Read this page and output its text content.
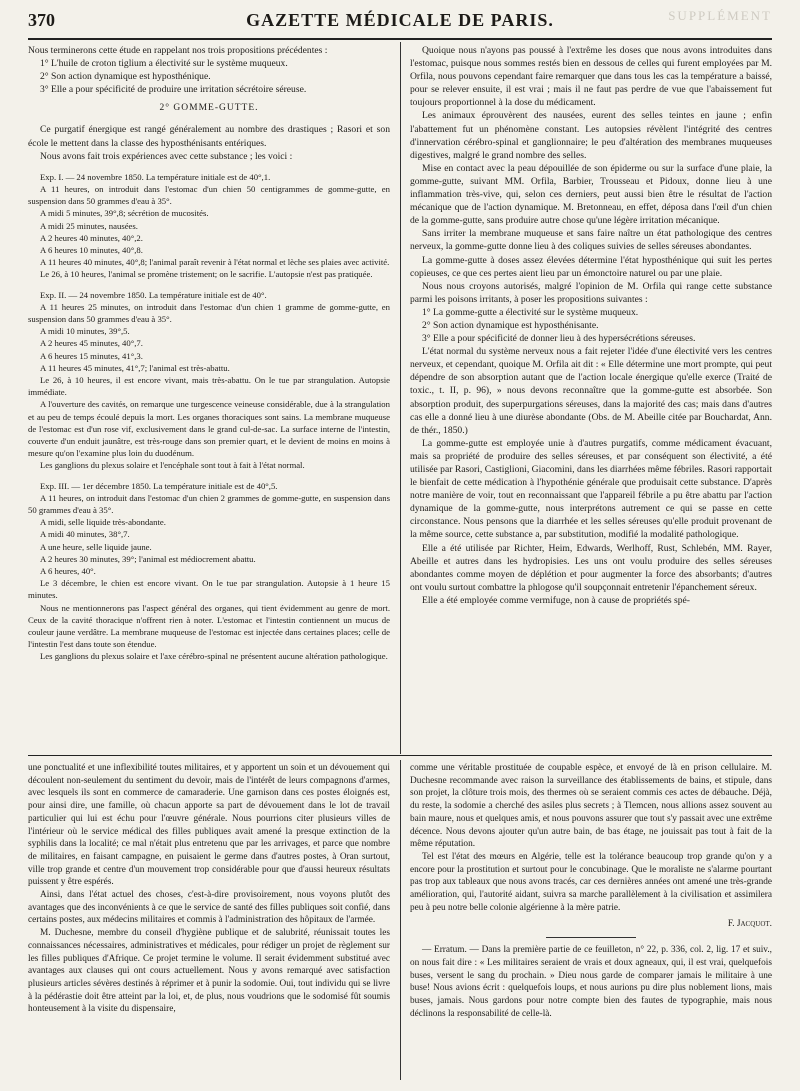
370	GAZETTE MÉDICALE DE PARIS.	SUPPLÉMENT

Nous terminerons cette étude en rappelant nos trois propositions précédentes :

1° L'huile de croton tiglium a électivité sur le système muqueux.

2° Son action dynamique est hyposthénique.

3° Elle a pour spécificité de produire une irritation sécrétoire séreuse.

2° GOMME-GUTTE.

Ce purgatif énergique est rangé généralement au nombre des drastiques ; Rasori et son école le mettent dans la classe des hyposthénisants entériques.

Nous avons fait trois expériences avec cette substance ; les voici :

Exp. I. — 24 novembre 1850. La température initiale est de 40°,1.

A 11 heures, on introduit dans l'estomac d'un chien 50 centigrammes de gomme-gutte, en suspension dans 50 grammes d'eau à 35°.

A midi 5 minutes, 39°,8; sécrétion de mucosités.

A midi 25 minutes, nausées.

A 2 heures 40 minutes, 40°,2.

A 6 heures 10 minutes, 40°,8.

A 11 heures 40 minutes, 40°,8; l'animal paraît revenir à l'état normal et lèche ses plaies avec activité.

Le 26, à 10 heures, l'animal se promène tristement; on le sacrifie. L'autopsie n'est pas pratiquée.

Exp. II. — 24 novembre 1850. La température initiale est de 40°.

A 11 heures 25 minutes, on introduit dans l'estomac d'un chien 1 gramme de gomme-gutte, en suspension dans 50 grammes d'eau à 35°.

A midi 10 minutes, 39°,5.

A 2 heures 45 minutes, 40°,7.

A 6 heures 15 minutes, 41°,3.

A 11 heures 45 minutes, 41°,7; l'animal est très-abattu.

Le 26, à 10 heures, il est encore vivant, mais très-abattu. On le tue par strangulation. Autopsie immédiate.

A l'ouverture des cavités, on remarque une turgescence veineuse considérable, due à la strangulation et au peu de temps écoulé depuis la mort. Les organes thoraciques sont sains. La membrane muqueuse de l'estomac est d'un rose vif, exclusivement dans le grand cul-de-sac. La surface interne de l'intestin, couverte d'un enduit jaunâtre, est très-rouge dans son premier quart, et le devient de moins en moins à mesure qu'on l'examine plus loin du duodénum.

Les ganglions du plexus solaire et l'encéphale sont tout à fait à l'état normal.

Exp. III. — 1er décembre 1850. La température initiale est de 40°,5.

A 11 heures, on introduit dans l'estomac d'un chien 2 grammes de gomme-gutte, en suspension dans 50 grammes d'eau à 35°.

A midi, selle liquide très-abondante.

A midi 40 minutes, 38°,7.

A une heure, selle liquide jaune.

A 2 heures 30 minutes, 39°; l'animal est médiocrement abattu.

A 6 heures, 40°.

Le 3 décembre, le chien est encore vivant. On le tue par strangulation. Autopsie à 1 heure 15 minutes.

Nous ne mentionnerons pas l'aspect général des organes, qui tient évidemment au genre de mort. Ceux de la cavité thoracique n'offrent rien à noter. L'estomac et l'intestin contiennent un mucus de couleur jaune verdâtre. La membrane muqueuse de l'estomac est injectée dans certaines places; celle de l'intestin l'est dans toute son étendue.

Les ganglions du plexus solaire et l'axe cérébro-spinal ne présentent aucune altération pathologique.

Quoique nous n'ayons pas poussé à l'extrême les doses que nous avons introduites dans l'estomac, puisque nous sommes restés bien en dessous de celles qui furent employées par M. Orfila, nous pouvons cependant faire remarquer que dans tous les cas la température a baissé, pour se relever ensuite, il est vrai ; mais il ne faut pas perdre de vue que l'abaissement fut toujours proportionnel à la dose du médicament.

Les animaux éprouvèrent des nausées, eurent des selles teintes en jaune ; enfin l'abattement fut un phénomène constant. Les autopsies révèlent l'intégrité des centres d'innervation cérébro-spinal et ganglionnaire; le peu d'altération des membranes muqueuses digestives, malgré le grand nombre des selles.

Mise en contact avec la peau dépouillée de son épiderme ou sur la surface d'une plaie, la gomme-gutte, suivant MM. Orfila, Barbier, Trousseau et Pidoux, donne lieu à une inflammation très-vive, qui, selon ces derniers, peut aussi bien être le résultat de l'action mécanique que de l'action dynamique. M. Bretonneau, en effet, déposa dans l'œil d'un chien de la gomme-gutte, sans produire autre chose qu'une légère irritation mécanique.

Sans irriter la membrane muqueuse et sans faire naître un état pathologique des centres nerveux, la gomme-gutte donne lieu à des coliques suivies de selles séreuses abondantes.

La gomme-gutte à doses assez élevées détermine l'état hyposthénique qui suit les pertes copieuses, ce que ces pertes aient lieu par un émonctoire naturel ou par une plaie.

Nous nous croyons autorisés, malgré l'opinion de M. Orfila qui range cette substance parmi les poisons irritants, à poser les propositions suivantes :

1° La gomme-gutte a électivité sur le système muqueux.

2° Son action dynamique est hyposthénisante.

3° Elle a pour spécificité de donner lieu à des hypersécrétions séreuses.

L'état normal du système nerveux nous a fait rejeter l'idée d'une électivité vers les centres nerveux, et cependant, quoique M. Orfila ait dit : « Elle détermine une mort prompte, qui peut dépendre de son absorption autant que de l'action locale énergique qu'elle exerce (Traité de toxic., t. II, p. 96), » nous devons reconnaître que la gomme-gutte est absorbée. Son absorption produit, des superpurgations séreuses, dans la majorité des cas; mais dans d'autres cas elle a donné lieu à une diurèse abondante (Obs. de M. Abeille citée par Bouchardat, Ann. de thér., 1850.)

La gomme-gutte est employée unie à d'autres purgatifs, comme médicament évacuant, mais sa propriété de produire des selles séreuses, et par conséquent son électivité, a été utilisée par Rasori, Castiglioni, Giacomini, dans les diarrhées même fébriles. Rasori rapportait le bienfait de cette médication à l'hypothénie générale que produisait cette substance. D'après notre manière de voir, tout en reconnaissant que l'appareil fébrile a pu être abattu par l'action dynamique de la gomme-gutte, nous interprétons autrement ce qui se passe en cette circonstance. Nous pensons que la diarrhée et les selles séreuses qu'elle produit provenant de la même source, cette substance a, par substitution, modifié la modalité pathologique.

Elle a été utilisée par Richter, Heim, Edwards, Werlhoff, Rust, Schlebén, MM. Rayer, Abeille et autres dans les hydropisies. Les uns ont voulu produire des selles séreuses abondantes comme moyen de déplétion et pour augmenter la force des absorbants; d'autres ont voulu surtout combattre la phlogose qu'il soupçonnait entretenir l'épanchement séreux.

Elle a été employée comme vermifuge, non à cause de propriétés spé-

une ponctualité et une inflexibilité toutes militaires, et y apportent un soin et un dévouement qui découlent non-seulement du sentiment du devoir, mais de l'intérêt de leurs compagnons d'armes, avec lesquels ils sont en commerce de camaraderie. Une garnison dans ces postes éloignés est, pour ainsi dire, une famille, où chacun apporte sa part de dévouement dans le lot de travail particulier qui lui est échu pour l'œuvre générale. Nous pourrions citer plusieurs villes de l'intérieur où le service médical des filles publiques avait amené la presque extinction de la syphilis dans la localité; ce mal n'était plus entretenu que par les arrivages, et parce que nombre de militaires, en faisant campagne, en puisaient le germe dans d'autres postes, à Oran surtout, ville trop grande et centre d'un mouvement trop considérable pour que d'aussi heureux résultats puissent y être espérés.

Ainsi, dans l'état actuel des choses, c'est-à-dire provisoirement, nous voyons plutôt des avantages que des inconvénients à ce que le service de santé des filles publiques soit confié, dans certains postes, aux médecins militaires et commis à l'administration des hôpitaux de l'armée.

M. Duchesne, membre du conseil d'hygiène publique et de salubrité, réunissait toutes les connaissances nécessaires, administratives et médicales, pour rédiger un projet de règlement sur les filles publiques d'Afrique. Ce projet termine le volume. Il serait évidemment substitué avec avantages aux clauses qui ont cours actuellement. Nous y avons remarqué avec satisfaction plusieurs articles sévères destinés à réprimer et à punir la sodomie. Oui, tout individu qui se livre à la pédérastie doit être atteint par la loi, et, de plus, nous voudrions que le sodomisé fût soumis honteusement à la visite du dispensaire,

comme une véritable prostituée de coupable espèce, et envoyé de là en prison cellulaire. M. Duchesne recommande avec raison la surveillance des établissements de bains, et stipule, dans son projet, la clôture trois mois, des thermes où se seraient commis ces actes de débauche. Déjà, du reste, la sodomie a cherché des asiles plus secrets ; à Tlemcen, nous allions assez souvent au bain maure, nous et quelques amis, et nous pouvons assurer que tout s'y passait avec une extrême décence. Nous devons ajouter qu'un autre bain, de bas étage, ne jouissait pas tout à fait de la même réputation.

Tel est l'état des mœurs en Algérie, telle est la tolérance beaucoup trop grande qu'on y a encore pour la prostitution et surtout pour le concubinage. Que le moraliste ne s'alarme pourtant pas trop aux tableaux que nous avons tracés, car ces dernières années ont amené une très-grande amélioration, qui, l'autorité aidant, suivra sa marche parallèlement à la civilisation et assimilera peu à peu notre belle colonie algérienne à la mère patrie.

F. Jacquot.

— Erratum. — Dans la première partie de ce feuilleton, n° 22, p. 336, col. 2, lig. 17 et suiv., on nous fait dire : « Les militaires seraient de vrais et doux agneaux, qui, il est vrai, quelquefois buses, versent le sang du prochain. » Dieu nous garde de comparer jamais le militaire à une buse! Nous avions écrit : quelquefois loups, et nous aurions pu dire plus noblement lions, mais buses, jamais. Nous gardons pour notre compte bien des fautes de typographie, mais nous déclinons la responsabilité de celle-là.
